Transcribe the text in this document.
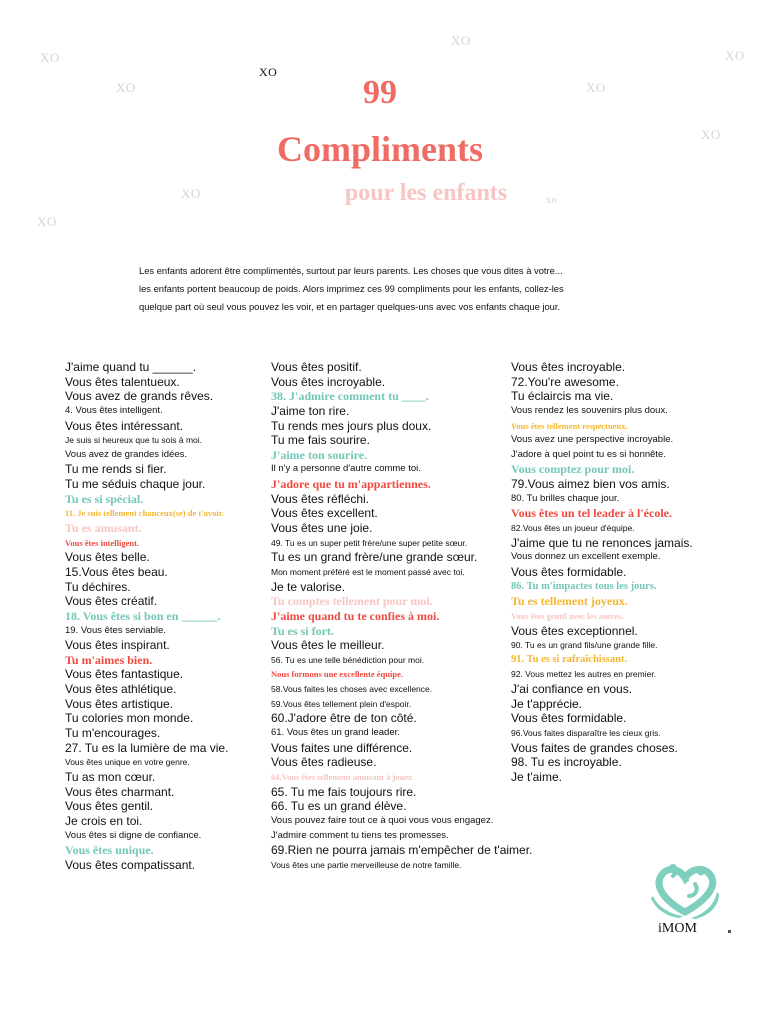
XO
XO
XO
XO
XO
XO
XO
XO
xo
XO
99
Compliments
pour les enfants
Les enfants adorent être complimentés, surtout par leurs parents. Les choses que vous dites à votre...
les enfants portent beaucoup de poids. Alors imprimez ces 99 compliments pour les enfants, collez-les
quelque part où seul vous pouvez les voir, et en partager quelques-uns avec vos enfants chaque jour.
J'aime quand tu ______.
Vous êtes talentueux.
Vous avez de grands rêves.
4. Vous êtes intelligent.
Vous êtes intéressant.
Je suis si heureux que tu sois à moi.
Vous avez de grandes idées.
Tu me rends si fier.
Tu me séduis chaque jour.
Tu es si spécial.
11. Je suis tellement chanceux(se) de t'avoir.
Tu es amusant.
Vous êtes intelligent.
Vous êtes belle.
15.Vous êtes beau.
Tu déchires.
Vous êtes créatif.
18. Vous êtes si bon en ______.
19. Vous êtes serviable.
Vous êtes inspirant.
Tu m'aimes bien.
Vous êtes fantastique.
Vous êtes athlétique.
Vous êtes artistique.
Tu colories mon monde.
Tu m'encourages.
27. Tu es la lumière de ma vie.
Vous êtes unique en votre genre.
Tu as mon cœur.
Vous êtes charmant.
Vous êtes gentil.
Je crois en toi.
Vous êtes si digne de confiance.
Vous êtes unique.
Vous êtes compatissant.
Vous êtes positif.
Vous êtes incroyable.
38. J'admire comment tu ____.
J'aime ton rire.
Tu rends mes jours plus doux.
Tu me fais sourire.
J'aime ton sourire.
Il n'y a personne d'autre comme toi.
J'adore que tu m'appartiennes.
Vous êtes réfléchi.
Vous êtes excellent.
Vous êtes une joie.
49. Tu es un super petit frère/une super petite sœur.
Tu es un grand frère/une grande sœur.
Mon moment préféré est le moment passé avec toi.
Je te valorise.
Tu comptes tellement pour moi.
J'aime quand tu te confies à moi.
Tu es si fort.
Vous êtes le meilleur.
56. Tu es une telle bénédiction pour moi.
Nous formons une excellente équipe.
58.Vous faites les choses avec excellence.
59.Vous êtes tellement plein d'espoir.
60.J'adore être de ton côté.
61. Vous êtes un grand leader.
Vous faites une différence.
Vous êtes radieuse.
64.Vous êtes tellement amusant à jouer.
65. Tu me fais toujours rire.
66. Tu es un grand élève.
Vous pouvez faire tout ce à quoi vous vous engagez.
J'admire comment tu tiens tes promesses.
69.Rien ne pourra jamais m'empêcher de t'aimer.
Vous êtes une partie merveilleuse de notre famille.
Vous êtes incroyable.
72.You're awesome.
Tu éclaircis ma vie.
Vous rendez les souvenirs plus doux.
Vous êtes tellement respectueux.
Vous avez une perspective incroyable.
J'adore à quel point tu es si honnête.
Vous comptez pour moi.
79.Vous aimez bien vos amis.
80. Tu brilles chaque jour.
Vous êtes un tel leader à l'école.
82.Vous êtes un joueur d'équipe.
J'aime que tu ne renonces jamais.
Vous donnez un excellent exemple.
Vous êtes formidable.
86. Tu m'impactes tous les jours.
Tu es tellement joyeux.
Vous êtes gentil avec les autres.
Vous êtes exceptionnel.
90. Tu es un grand fils/une grande fille.
91. Tu es si rafraîchissant.
92. Vous mettez les autres en premier.
J'ai confiance en vous.
Je t'apprécie.
Vous êtes formidable.
96.Vous faites disparaître les cieux gris.
Vous faites de grandes choses.
98. Tu es incroyable.
Je t'aime.
iMOM
